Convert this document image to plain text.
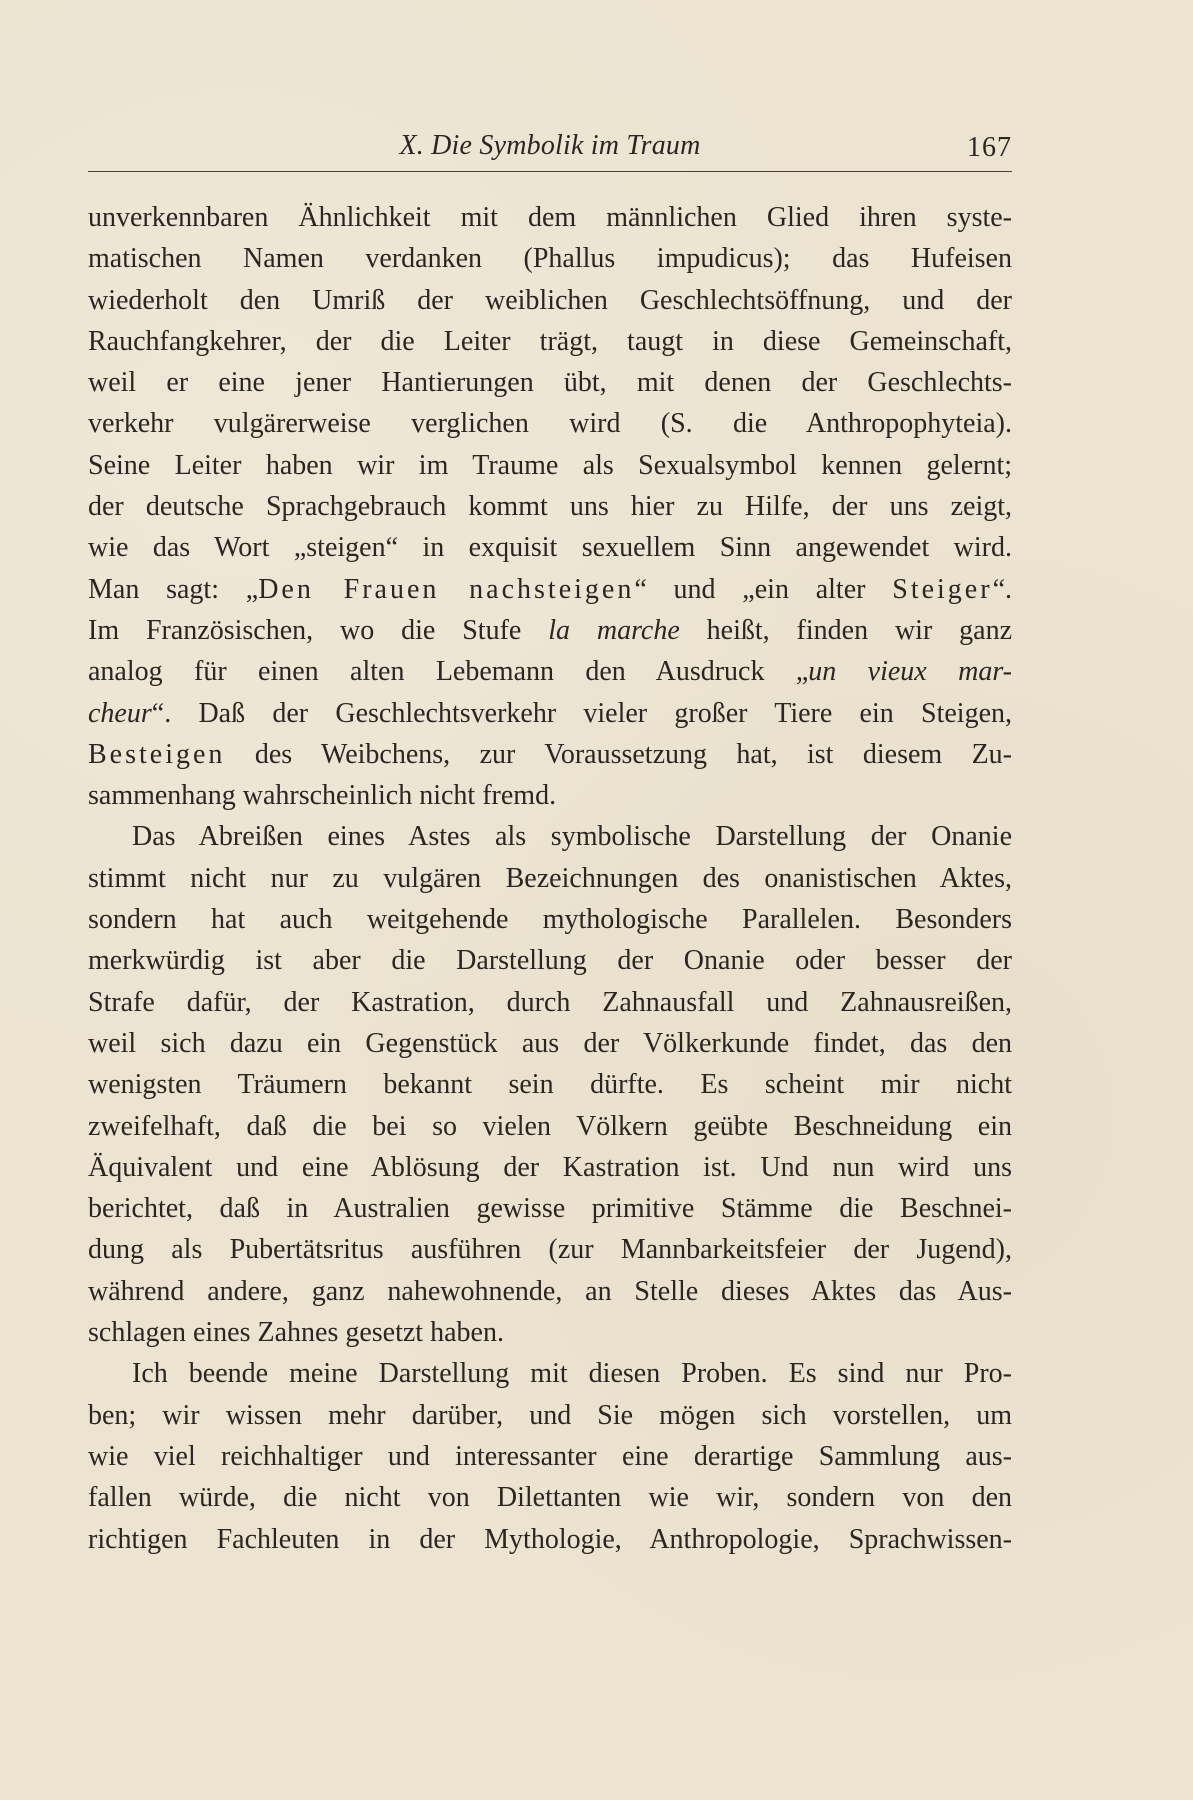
X. Die Symbolik im Traum	167
unverkennbaren Ähnlichkeit mit dem männlichen Glied ihren syste-
matischen Namen verdanken (Phallus impudicus); das Hufeisen
wiederholt den Umriß der weiblichen Geschlechtsöffnung, und der
Rauchfangkehrer, der die Leiter trägt, taugt in diese Gemeinschaft,
weil er eine jener Hantierungen übt, mit denen der Geschlechts-
verkehr vulgärerweise verglichen wird (S. die Anthropophyteia).
Seine Leiter haben wir im Traume als Sexualsymbol kennen gelernt;
der deutsche Sprachgebrauch kommt uns hier zu Hilfe, der uns zeigt,
wie das Wort „steigen“ in exquisit sexuellem Sinn angewendet wird.
Man sagt: „Den Frauen nachsteigen“ und „ein alter Steiger“.
Im Französischen, wo die Stufe la marche heißt, finden wir ganz
analog für einen alten Lebemann den Ausdruck „un vieux mar-
cheur“. Daß der Geschlechtsverkehr vieler großer Tiere ein Steigen,
Besteigen des Weibchens, zur Voraussetzung hat, ist diesem Zu-
sammenhang wahrscheinlich nicht fremd.
Das Abreißen eines Astes als symbolische Darstellung der Onanie
stimmt nicht nur zu vulgären Bezeichnungen des onanistischen Aktes,
sondern hat auch weitgehende mythologische Parallelen. Besonders
merkwürdig ist aber die Darstellung der Onanie oder besser der
Strafe dafür, der Kastration, durch Zahnausfall und Zahnausreißen,
weil sich dazu ein Gegenstück aus der Völkerkunde findet, das den
wenigsten Träumern bekannt sein dürfte. Es scheint mir nicht
zweifelhaft, daß die bei so vielen Völkern geübte Beschneidung ein
Äquivalent und eine Ablösung der Kastration ist. Und nun wird uns
berichtet, daß in Australien gewisse primitive Stämme die Beschnei-
dung als Pubertätsritus ausführen (zur Mannbarkeitsfeier der Jugend),
während andere, ganz nahewohnende, an Stelle dieses Aktes das Aus-
schlagen eines Zahnes gesetzt haben.
Ich beende meine Darstellung mit diesen Proben. Es sind nur Pro-
ben; wir wissen mehr darüber, und Sie mögen sich vorstellen, um
wie viel reichhaltiger und interessanter eine derartige Sammlung aus-
fallen würde, die nicht von Dilettanten wie wir, sondern von den
richtigen Fachleuten in der Mythologie, Anthropologie, Sprachwissen-
